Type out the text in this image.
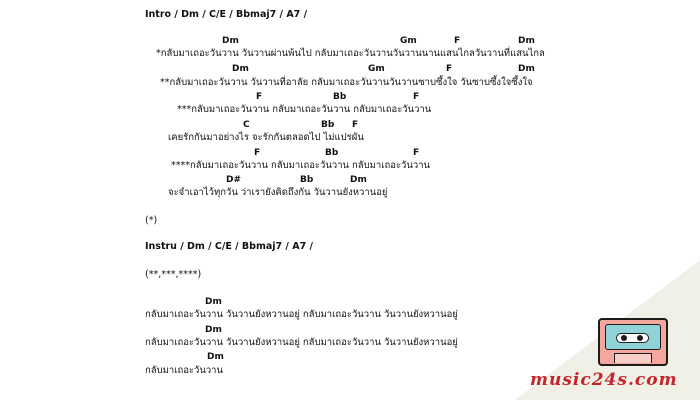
Intro / Dm / C/E / Bbmaj7 / A7 /
Dm	Gm	F	Dm
*กลับมาเถอะวันวาน วันวานผ่านพ้นไป กลับมาเถอะวันวานวันวานนานแสนไกลวันวานที่แสนไกล
Dm	Gm	F	Dm
**กลับมาเถอะวันวาน วันวานที่อาลัย กลับมาเถอะวันวานวันวานซาบซึ้งใจ วันซาบซึ้งใจซึ้งใจ
F	Bb	F
***กลับมาเถอะวันวาน กลับมาเถอะวันวาน กลับมาเถอะวันวาน
C	Bb F
เคยรักกันมาอย่างไร จะรักกันตลอดไป ไม่แปรผัน
F	Bb	F
****กลับมาเถอะวันวาน กลับมาเถอะวันวาน กลับมาเถอะวันวาน
D#	Bb	Dm
จะจำเอาไว้ทุกวัน ว่าเรายังคิดถึงกัน วันวานยังหวานอยู่
(*)
Instru / Dm / C/E / Bbmaj7 / A7 /
(**,***,****)
Dm
กลับมาเถอะวันวาน วันวานยังหวานอยู่ กลับมาเถอะวันวาน วันวานยังหวานอยู่
Dm
กลับมาเถอะวันวาน วันวานยังหวานอยู่ กลับมาเถอะวันวาน วันวานยังหวานอยู่
Dm
กลับมาเถอะวันวาน	music24s.com
